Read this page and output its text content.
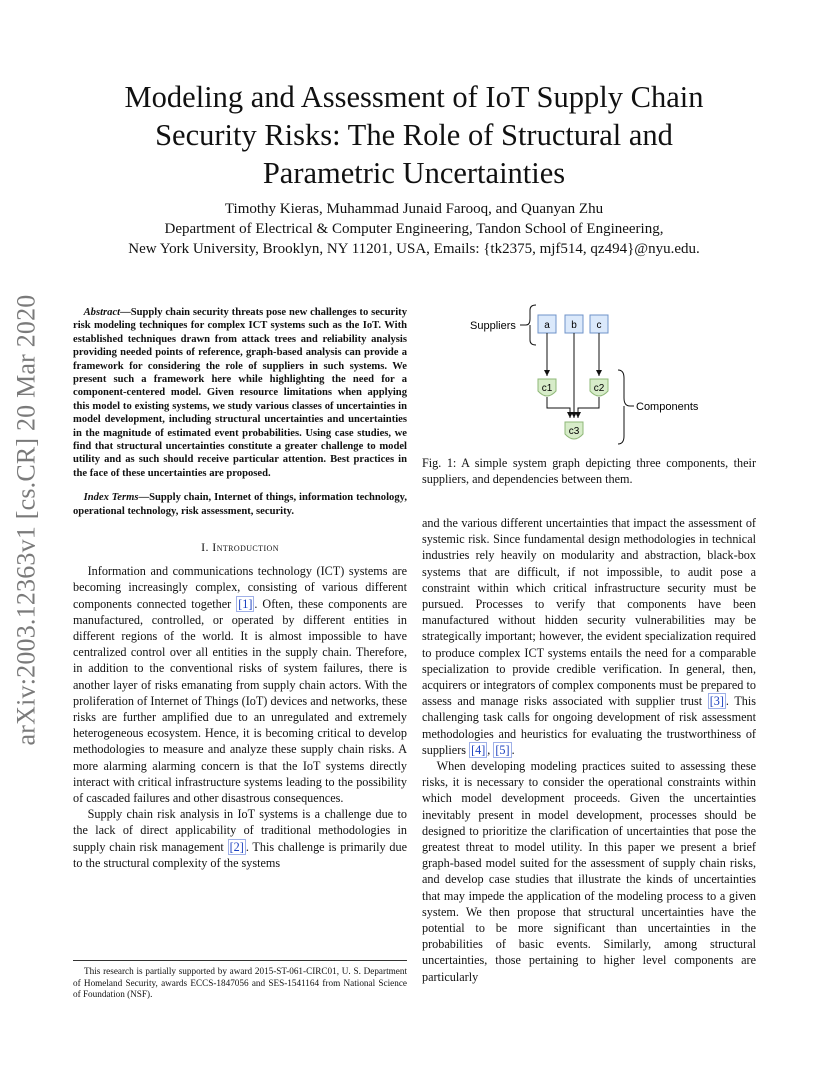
arXiv:2003.12363v1 [cs.CR] 20 Mar 2020
Modeling and Assessment of IoT Supply Chain
Security Risks: The Role of Structural and
Parametric Uncertainties
Timothy Kieras, Muhammad Junaid Farooq, and Quanyan Zhu
Department of Electrical & Computer Engineering, Tandon School of Engineering,
New York University, Brooklyn, NY 11201, USA, Emails: {tk2375, mjf514, qz494}@nyu.edu.

Abstract—Supply chain security threats pose new challenges to security risk modeling techniques for complex ICT systems such as the IoT. With established techniques drawn from attack trees and reliability analysis providing needed points of reference, graph-based analysis can provide a framework for considering the role of suppliers in such systems. We present such a framework here while highlighting the need for a component-centered model. Given resource limitations when applying this model to existing systems, we study various classes of uncertainties in model development, including structural uncertainties and uncertainties in the magnitude of estimated event probabilities. Using case studies, we find that structural uncertainties constitute a greater challenge to model utility and as such should receive particular attention. Best practices in the face of these uncertainties are proposed.

Index Terms—Supply chain, Internet of things, information technology, operational technology, risk assessment, security.

I. Introduction

Information and communications technology (ICT) systems are becoming increasingly complex, consisting of various different components connected together [1] . Often, these components are manufactured, controlled, or operated by different entities in different regions of the world. It is almost impossible to have centralized control over all entities in the supply chain. Therefore, in addition to the conventional risks of system failures, there is another layer of risks emanating from supply chain actors. With the proliferation of Internet of Things (IoT) devices and networks, these risks are further amplified due to an unregulated and extremely heterogeneous ecosystem. Hence, it is becoming critical to develop methodologies to measure and analyze these supply chain risks. A more alarming alarming concern is that the IoT systems directly interact with critical infrastructure systems leading to the possibility of cascaded failures and other disastrous consequences.

Supply chain risk analysis in IoT systems is a challenge due to the lack of direct applicability of traditional methodologies in supply chain risk management [2] . This challenge is primarily due to the structural complexity of the systems

This research is partially supported by award 2015-ST-061-CIRC01, U. S. Department of Homeland Security, awards ECCS-1847056 and SES-1541164 from National Science of Foundation (NSF).
Suppliers	a b c
c1	c2
c3
Components
Fig. 1: A simple system graph depicting three components, their suppliers, and dependencies between them.

and the various different uncertainties that impact the assessment of systemic risk. Since fundamental design methodologies in technical industries rely heavily on modularity and abstraction, black-box systems that are difficult, if not impossible, to audit pose a constraint within which critical infrastructure security must be pursued. Processes to verify that components have been manufactured without hidden security vulnerabilities may be strategically important; however, the evident specialization required to produce complex ICT systems entails the need for a comparable specialization to provide credible verification. In general, then, acquirers or integrators of complex components must be prepared to assess and manage risks associated with supplier trust [3] . This challenging task calls for ongoing development of risk assessment methodologies and heuristics for evaluating the trustworthiness of suppliers [4] , [5] .

When developing modeling practices suited to assessing these risks, it is necessary to consider the operational constraints within which model development proceeds. Given the uncertainties inevitably present in model development, processes should be designed to prioritize the clarification of uncertainties that pose the greatest threat to model utility. In this paper we present a brief graph-based model suited for the assessment of supply chain risks, and develop case studies that illustrate the kinds of uncertainties that may impede the application of the modeling process to a given system. We then propose that structural uncertainties have the potential to be more significant than uncertainties in the probabilities of basic events. Similarly, among structural uncertainties, those pertaining to higher level components are particularly
